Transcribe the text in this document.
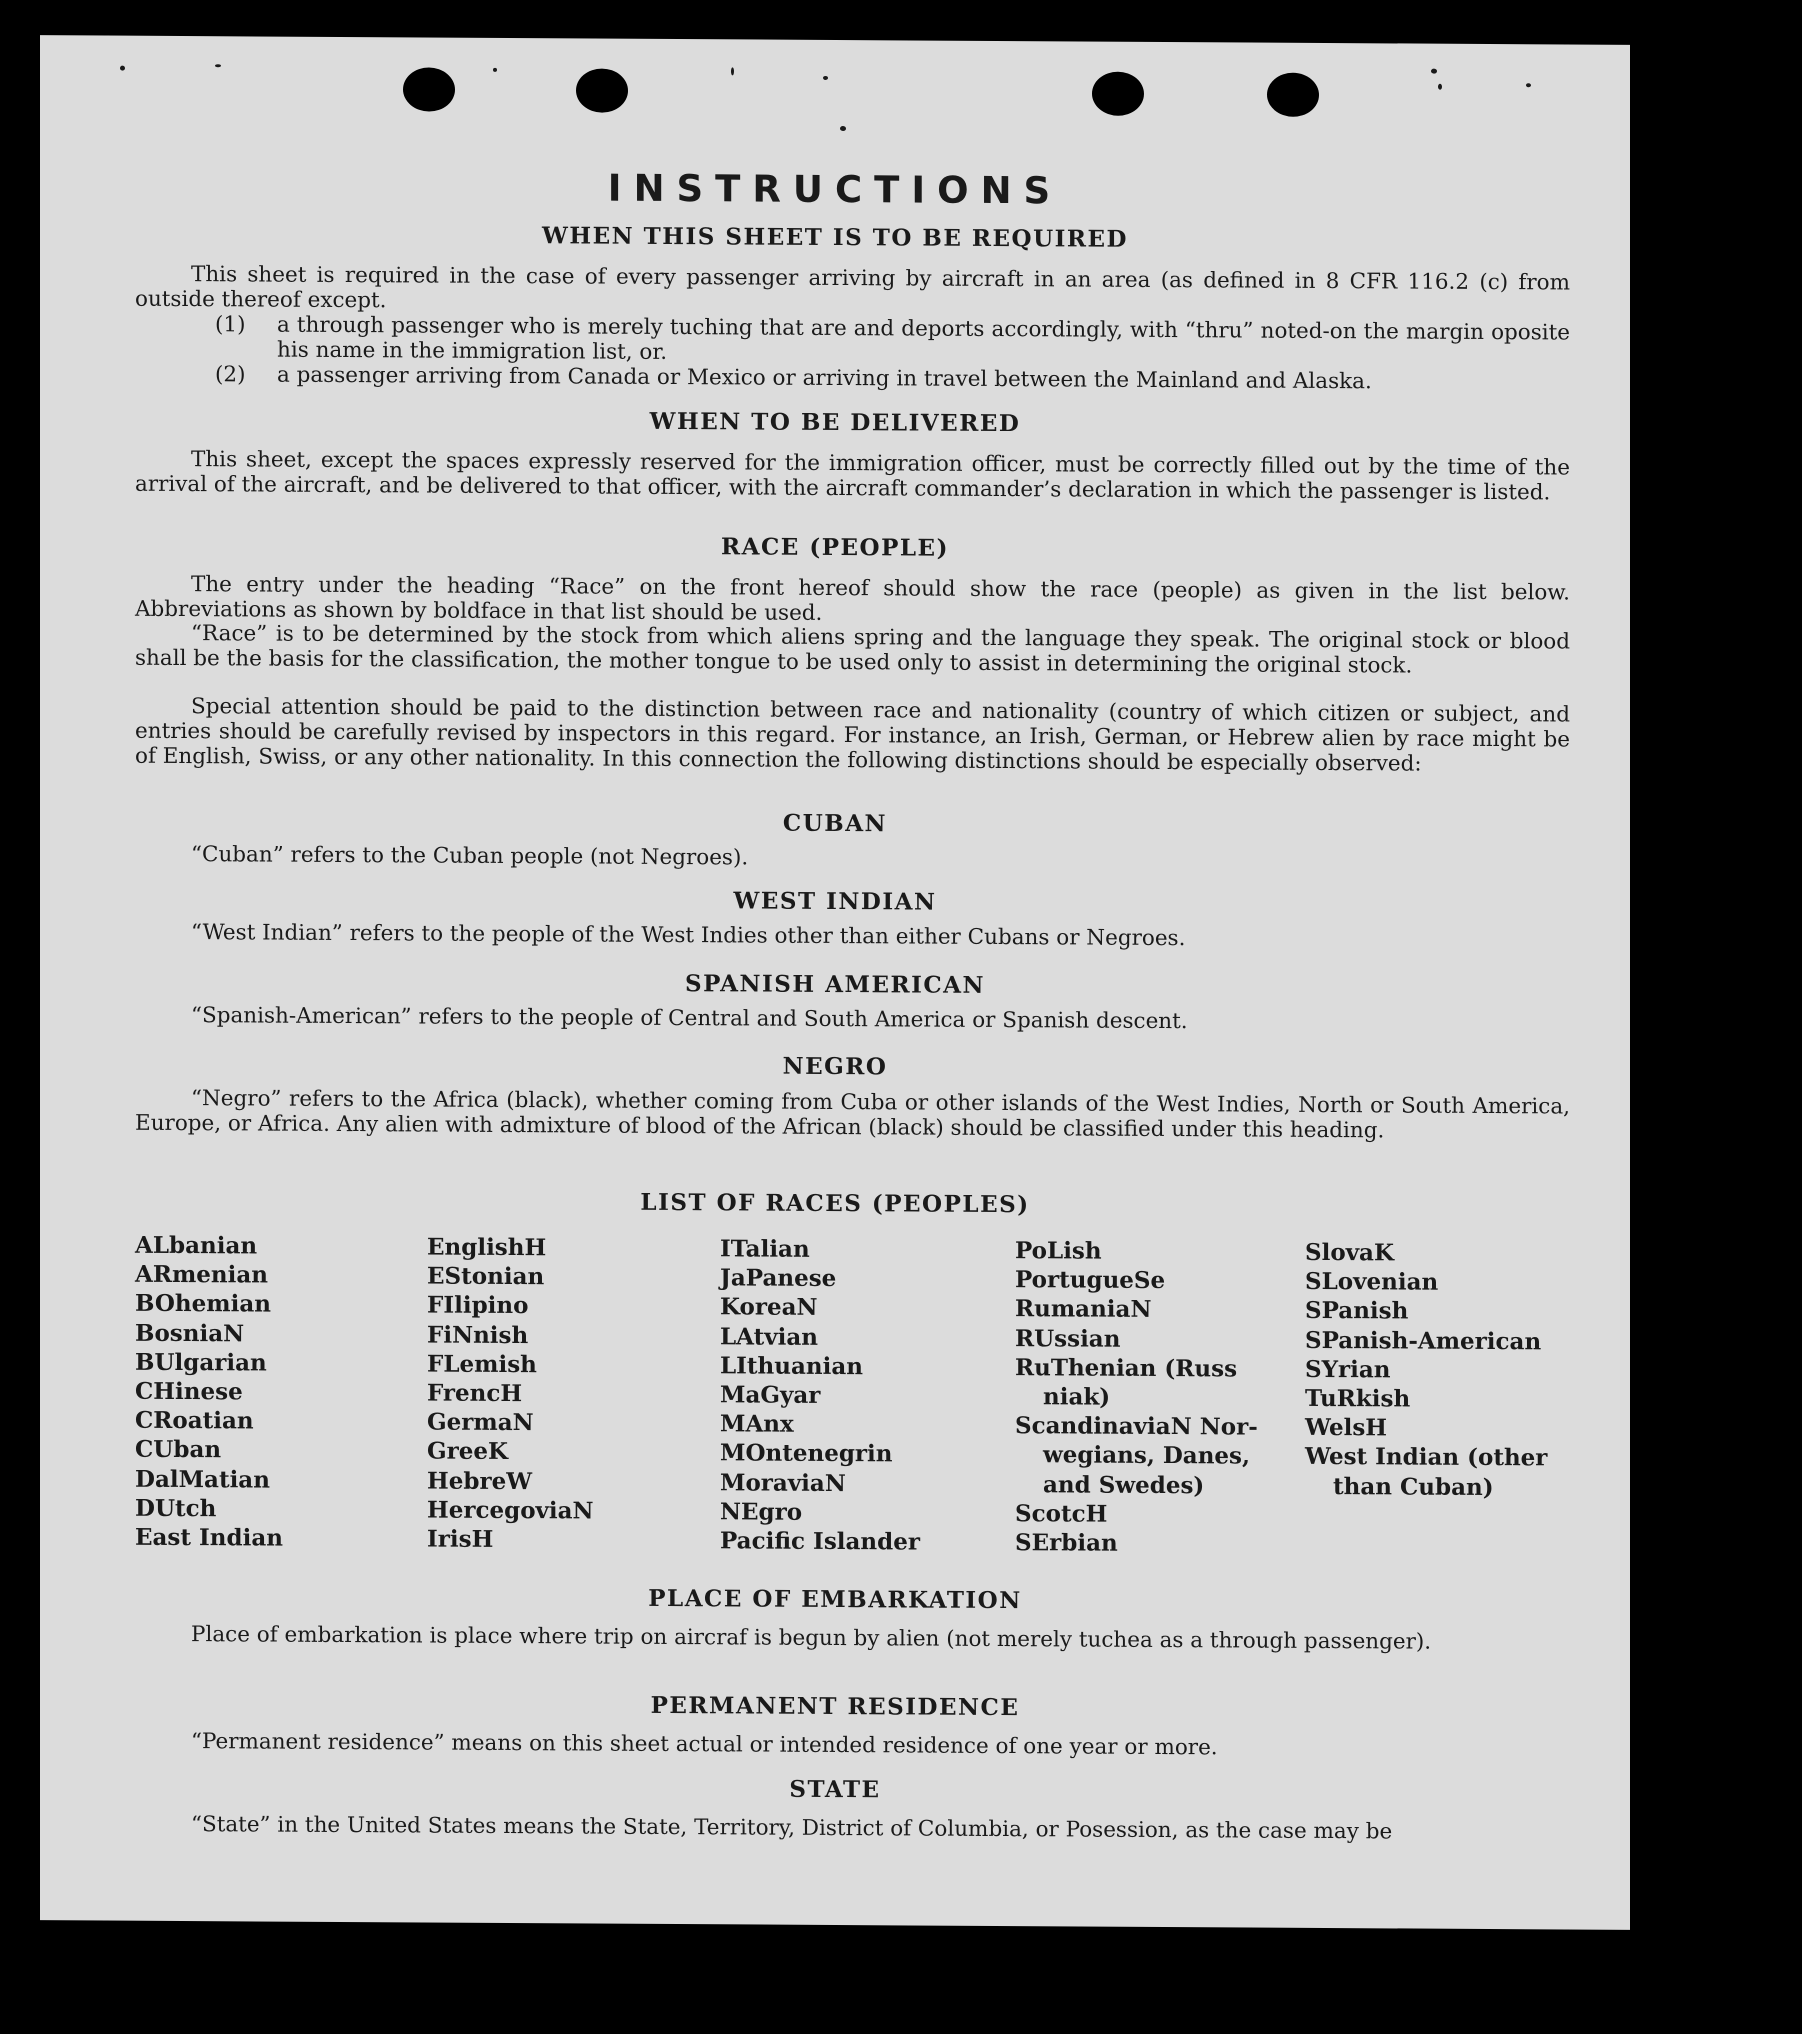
INSTRUCTIONS
WHEN THIS SHEET IS TO BE REQUIRED
This sheet is required in the case of every passenger arriving by aircraft in an area (as defined in 8 CFR 116.2 (c) from outside thereof except.
(1)	a through passenger who is merely tuching that are and deports accordingly, with “thru” noted-on the margin oposite his name in the immigration list, or.
(2)	a passenger arriving from Canada or Mexico or arriving in travel between the Mainland and Alaska.
WHEN TO BE DELIVERED
This sheet, except the spaces expressly reserved for the immigration officer, must be correctly filled out by the time of the arrival of the aircraft, and be delivered to that officer, with the aircraft commander’s declaration in which the passenger is listed.
RACE (PEOPLE)
The entry under the heading “Race” on the front hereof should show the race (people) as given in the list below. Abbreviations as shown by boldface in that list should be used.
“Race” is to be determined by the stock from which aliens spring and the language they speak. The original stock or blood shall be the basis for the classification, the mother tongue to be used only to assist in determining the original stock.
Special attention should be paid to the distinction between race and nationality (country of which citizen or subject, and entries should be carefully revised by inspectors in this regard. For instance, an Irish, German, or Hebrew alien by race might be of English, Swiss, or any other nationality. In this connection the following distinctions should be especially observed:
CUBAN
“Cuban” refers to the Cuban people (not Negroes).
WEST INDIAN
“West Indian” refers to the people of the West Indies other than either Cubans or Negroes.
SPANISH AMERICAN
“Spanish-American” refers to the people of Central and South America or Spanish descent.
NEGRO
“Negro” refers to the Africa (black), whether coming from Cuba or other islands of the West Indies, North or South America, Europe, or Africa. Any alien with admixture of blood of the African (black) should be classified under this heading.
LIST OF RACES (PEOPLES)
ALbanian
ARmenian
BOhemian
BosniaN
BUlgarian
CHinese
CRoatian
CUban
DalMatian
DUtch
East Indian
EnglishH
EStonian
FIlipino
FiNnish
FLemish
FrencH
GermaN
GreeK
HebreW
HercegoviaN
IrisH
ITalian
JaPanese
KoreaN
LAtvian
LIthuanian
MaGyar
MAnx
MOntenegrin
MoraviaN
NEgro
Pacific Islander
PoLish
PortugueSe
RumaniaN
RUssian
RuThenian (Russ
niak)
ScandinaviaN Nor-
wegians, Danes,
and Swedes)
ScotcH
SErbian
SlovaK
SLovenian
SPanish
SPanish-American
SYrian
TuRkish
WelsH
West Indian (other
than Cuban)
PLACE OF EMBARKATION
Place of embarkation is place where trip on aircraf is begun by alien (not merely tuchea as a through passenger).
PERMANENT RESIDENCE
“Permanent residence” means on this sheet actual or intended residence of one year or more.
STATE
“State” in the United States means the State, Territory, District of Columbia, or Posession, as the case may be
